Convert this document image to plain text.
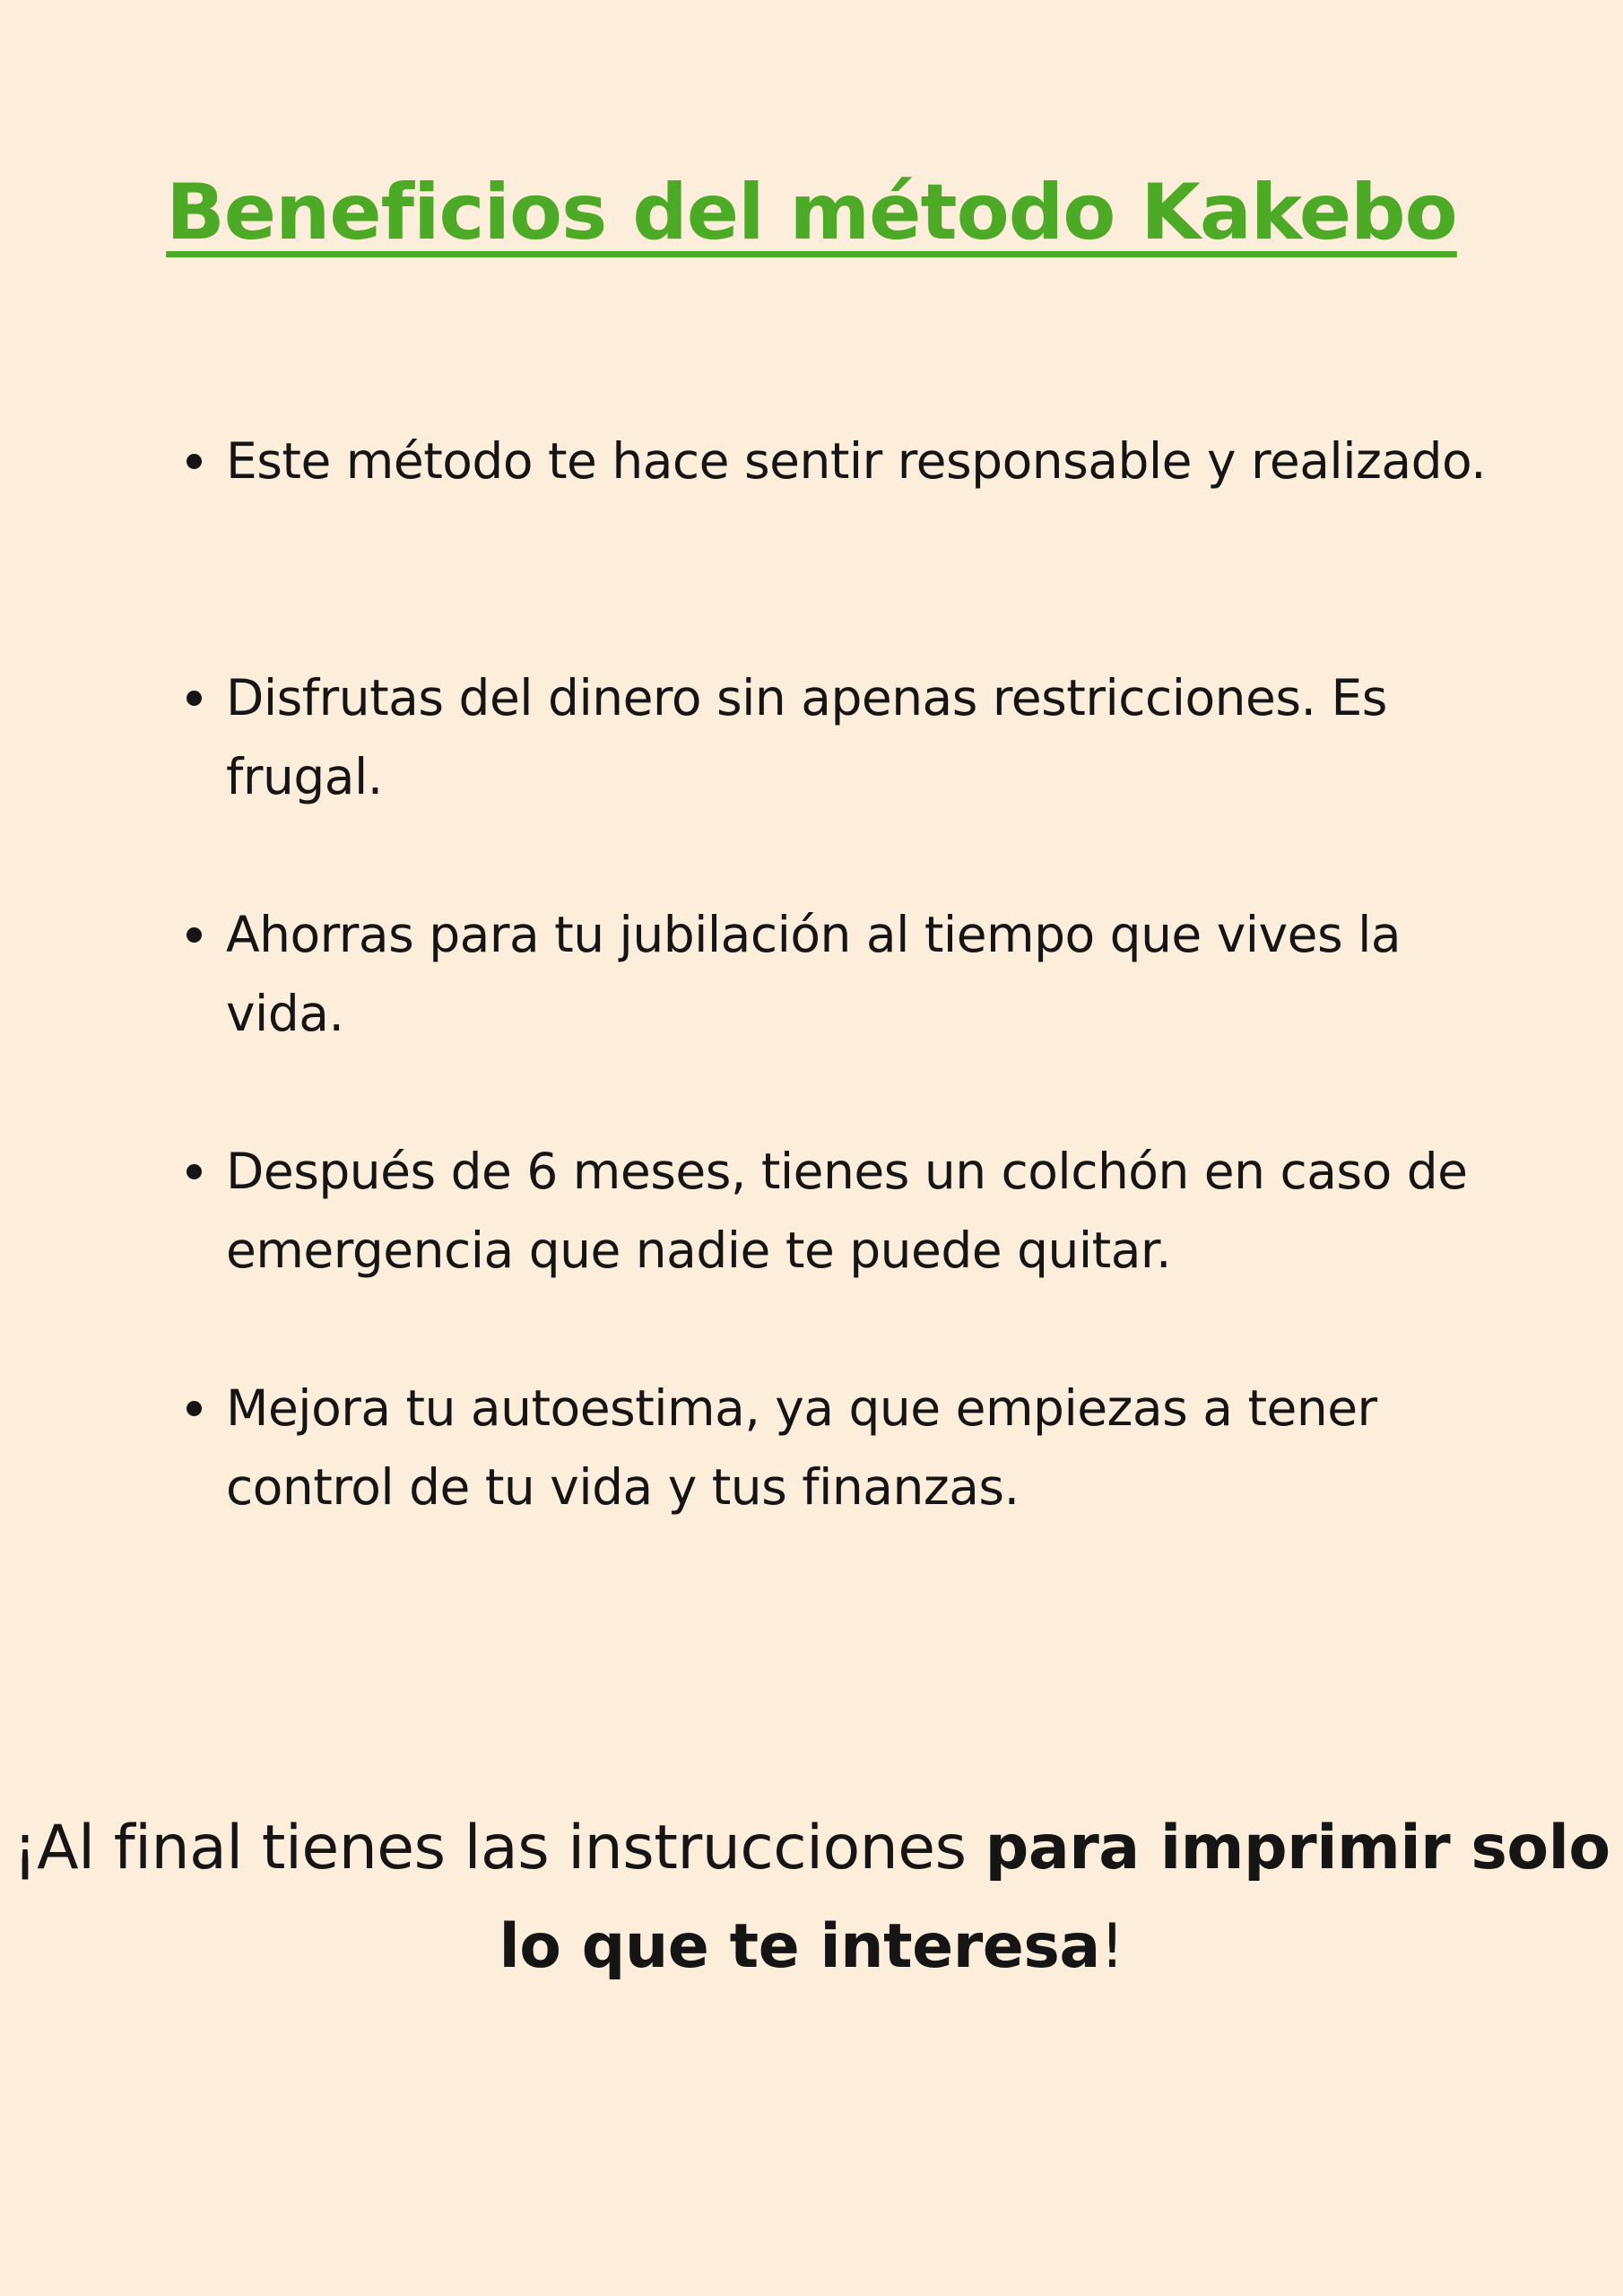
Beneficios del método Kakebo
Este método te hace sentir responsable y realizado.
Disfrutas del dinero sin apenas restricciones. Es frugal.
Ahorras para tu jubilación al tiempo que vives la vida.
Después de 6 meses, tienes un colchón en caso de emergencia que nadie te puede quitar.
Mejora tu autoestima, ya que empiezas a tener control de tu vida y tus finanzas.

¡Al final tienes las instrucciones para imprimir solo lo que te interesa!
